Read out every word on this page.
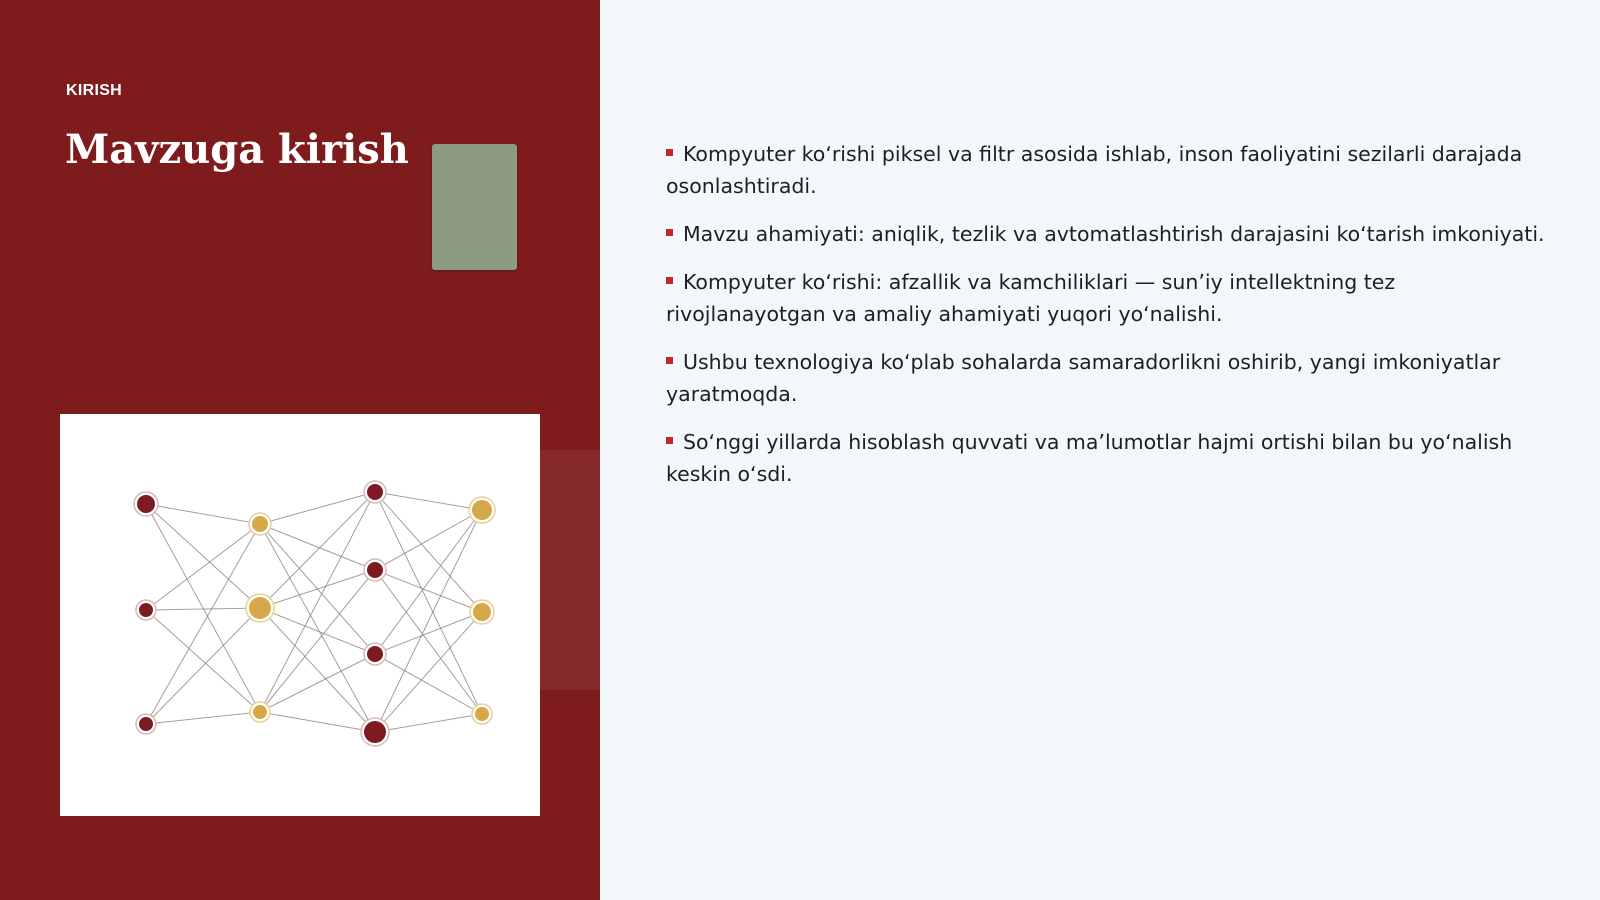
KIRISH

Mavzuga kirish	Kompyuter koʻrishi piksel va filtr asosida ishlab, inson faoliyatini sezilarli darajada osonlashtiradi.
Mavzu ahamiyati: aniqlik, tezlik va avtomatlashtirish darajasini koʻtarish imkoniyati.
Kompyuter koʻrishi: afzallik va kamchiliklari — sun’iy intellektning tez rivojlanayotgan va amaliy ahamiyati yuqori yoʻnalishi.
Ushbu texnologiya koʻplab sohalarda samaradorlikni oshirib, yangi imkoniyatlar yaratmoqda.
Soʻnggi yillarda hisoblash quvvati va ma’lumotlar hajmi ortishi bilan bu yoʻnalish keskin oʻsdi.
